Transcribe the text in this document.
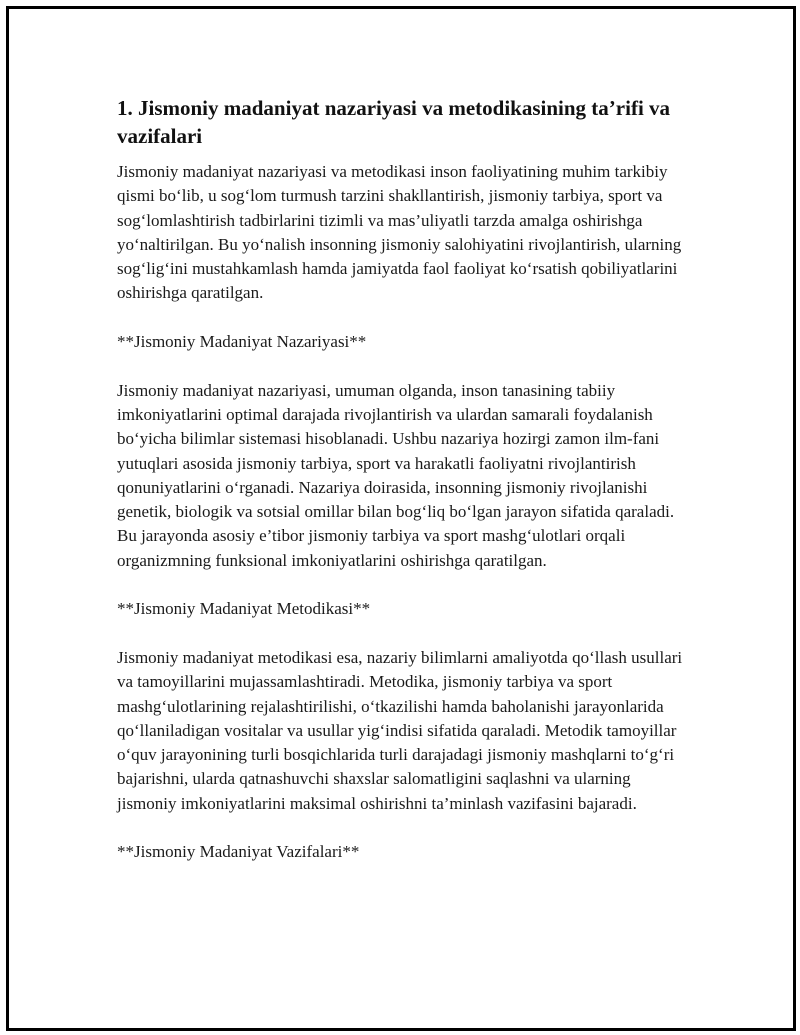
1. Jismoniy madaniyat nazariyasi va metodikasining ta’rifi va vazifalari

Jismoniy madaniyat nazariyasi va metodikasi inson faoliyatining muhim tarkibiy qismi bo‘lib, u sog‘lom turmush tarzini shakllantirish, jismoniy tarbiya, sport va sog‘lomlashtirish tadbirlarini tizimli va mas’uliyatli tarzda amalga oshirishga yo‘naltirilgan. Bu yo‘nalish insonning jismoniy salohiyatini rivojlantirish, ularning sog‘lig‘ini mustahkamlash hamda jamiyatda faol faoliyat ko‘rsatish qobiliyatlarini oshirishga qaratilgan.

**Jismoniy Madaniyat Nazariyasi**

Jismoniy madaniyat nazariyasi, umuman olganda, inson tanasining tabiiy imkoniyatlarini optimal darajada rivojlantirish va ulardan samarali foydalanish bo‘yicha bilimlar sistemasi hisoblanadi. Ushbu nazariya hozirgi zamon ilm-fani yutuqlari asosida jismoniy tarbiya, sport va harakatli faoliyatni rivojlantirish qonuniyatlarini o‘rganadi. Nazariya doirasida, insonning jismoniy rivojlanishi genetik, biologik va sotsial omillar bilan bog‘liq bo‘lgan jarayon sifatida qaraladi. Bu jarayonda asosiy e’tibor jismoniy tarbiya va sport mashg‘ulotlari orqali organizmning funksional imkoniyatlarini oshirishga qaratilgan.

**Jismoniy Madaniyat Metodikasi**

Jismoniy madaniyat metodikasi esa, nazariy bilimlarni amaliyotda qo‘llash usullari va tamoyillarini mujassamlashtiradi. Metodika, jismoniy tarbiya va sport mashg‘ulotlarining rejalashtirilishi, o‘tkazilishi hamda baholanishi jarayonlarida qo‘llaniladigan vositalar va usullar yig‘indisi sifatida qaraladi. Metodik tamoyillar o‘quv jarayonining turli bosqichlarida turli darajadagi jismoniy mashqlarni to‘g‘ri bajarishni, ularda qatnashuvchi shaxslar salomatligini saqlashni va ularning jismoniy imkoniyatlarini maksimal oshirishni ta’minlash vazifasini bajaradi.

**Jismoniy Madaniyat Vazifalari**
